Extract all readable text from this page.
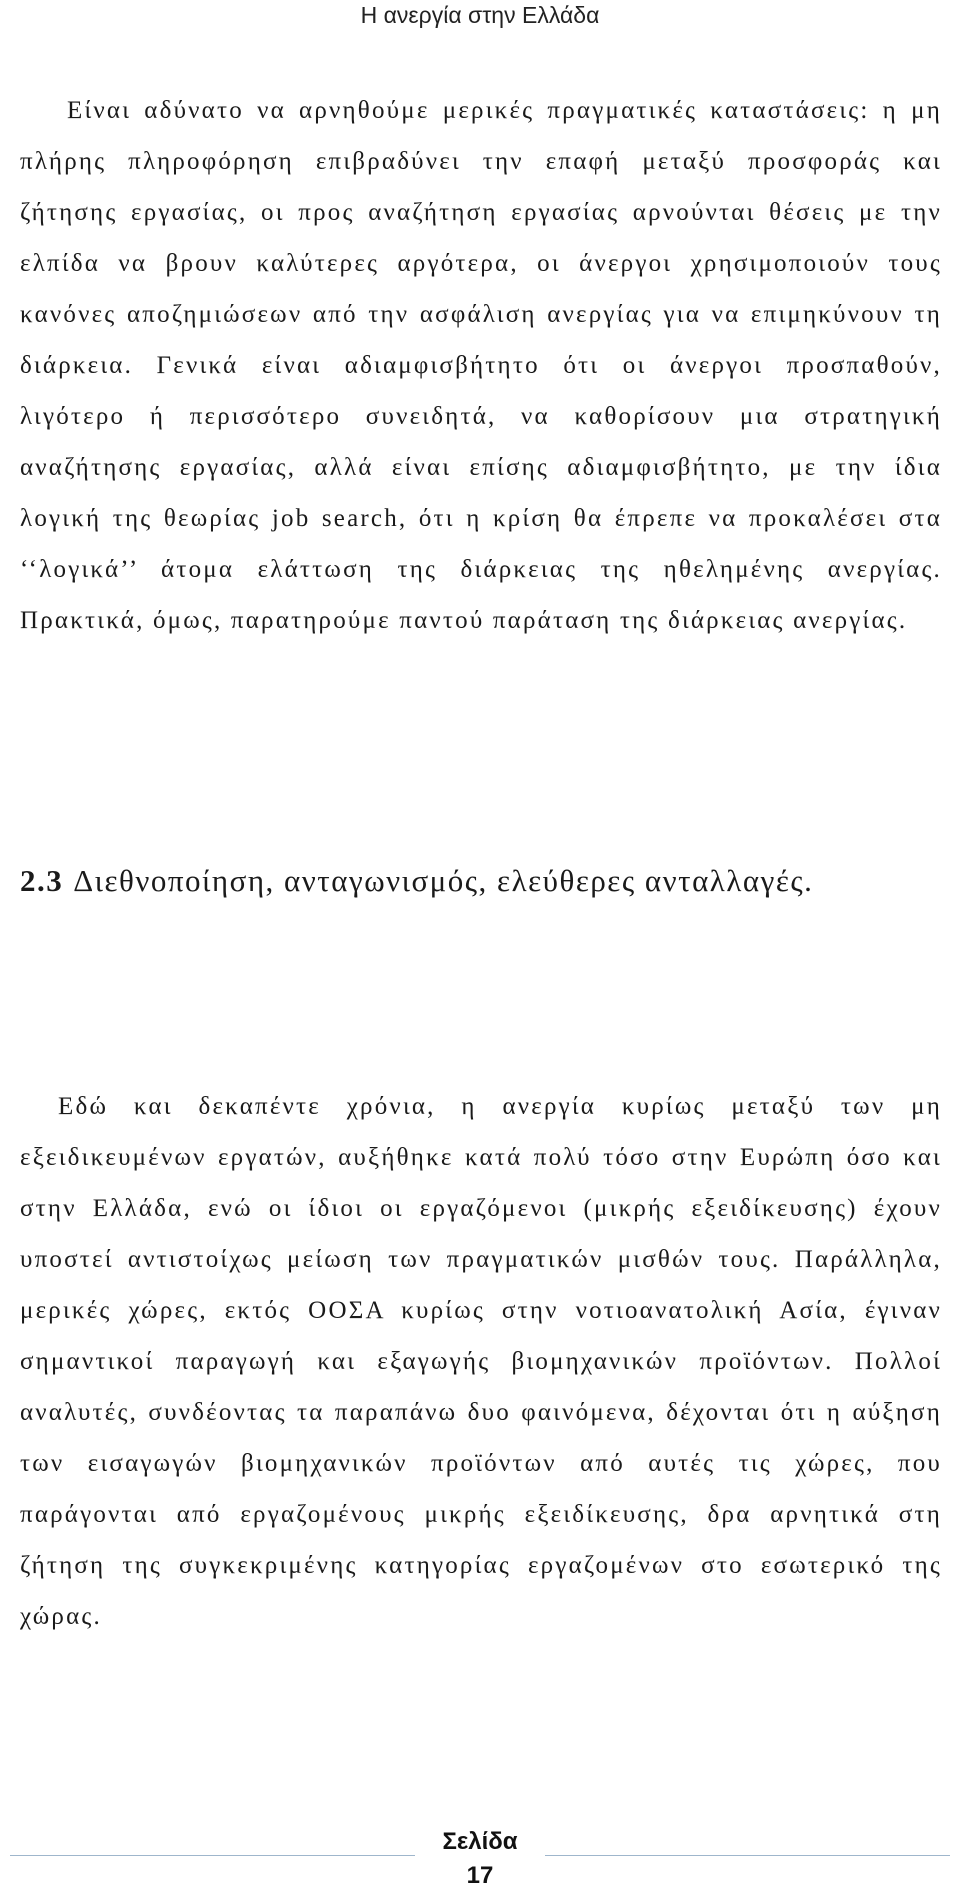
Η ανεργία στην Ελλάδα

Είναι αδύνατο να αρνηθούμε μερικές πραγματικές καταστάσεις: η μη πλήρης πληροφόρηση επιβραδύνει την επαφή μεταξύ προσφοράς και ζήτησης εργασίας, οι προς αναζήτηση εργασίας αρνούνται θέσεις με την ελπίδα να βρουν καλύτερες αργότερα, οι άνεργοι χρησιμοποιούν τους κανόνες αποζημιώσεων από την ασφάλιση ανεργίας για να επιμηκύνουν τη διάρκεια. Γενικά είναι αδιαμφισβήτητο ότι οι άνεργοι προσπαθούν, λιγότερο ή περισσότερο συνειδητά, να καθορίσουν μια στρατηγική αναζήτησης εργασίας, αλλά είναι επίσης αδιαμφισβήτητο, με την ίδια λογική της θεωρίας job search, ότι η κρίση θα έπρεπε να προκαλέσει στα ‘‘λογικά’’ άτομα ελάττωση της διάρκειας της ηθελημένης ανεργίας. Πρακτικά, όμως, παρατηρούμε παντού παράταση της διάρκειας ανεργίας.

2.3 Διεθνοποίηση, ανταγωνισμός, ελεύθερες ανταλλαγές.

Εδώ και δεκαπέντε χρόνια, η ανεργία κυρίως μεταξύ των μη εξειδικευμένων εργατών, αυξήθηκε κατά πολύ τόσο στην Ευρώπη όσο και στην Ελλάδα, ενώ οι ίδιοι οι εργαζόμενοι (μικρής εξειδίκευσης) έχουν υποστεί αντιστοίχως μείωση των πραγματικών μισθών τους. Παράλληλα, μερικές χώρες, εκτός ΟΟΣΑ κυρίως στην νοτιοανατολική Ασία, έγιναν σημαντικοί παραγωγή και εξαγωγής βιομηχανικών προϊόντων. Πολλοί αναλυτές, συνδέοντας τα παραπάνω δυο φαινόμενα, δέχονται ότι η αύξηση των εισαγωγών βιομηχανικών προϊόντων από αυτές τις χώρες, που παράγονται από εργαζομένους μικρής εξειδίκευσης, δρα αρνητικά στη ζήτηση της συγκεκριμένης κατηγορίας εργαζομένων στο εσωτερικό της χώρας.

Σελίδα
17
